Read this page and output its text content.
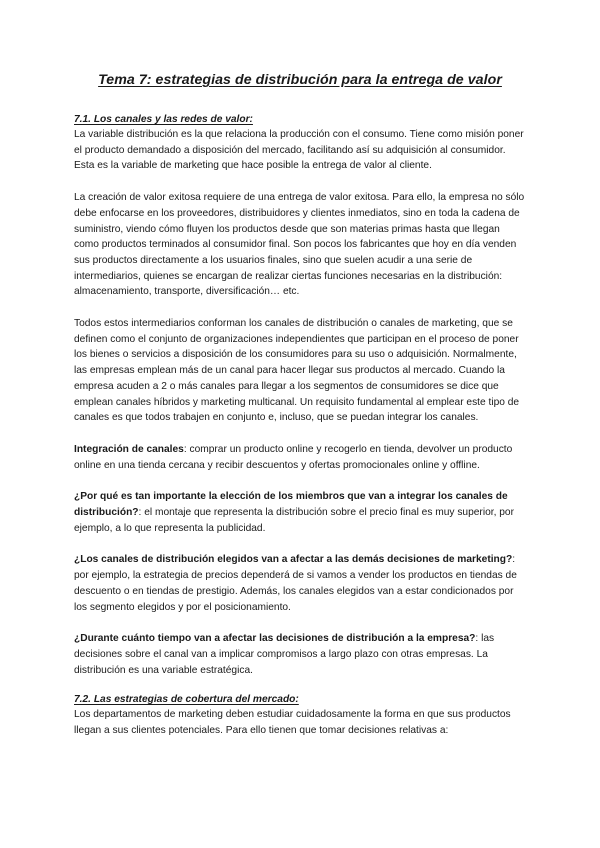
Tema 7: estrategias de distribución para la entrega de valor
7.1. Los canales y las redes de valor:

La variable distribución es la que relaciona la producción con el consumo. Tiene como misión poner el producto demandado a disposición del mercado, facilitando así su adquisición al consumidor. Esta es la variable de marketing que hace posible la entrega de valor al cliente.

La creación de valor exitosa requiere de una entrega de valor exitosa. Para ello, la empresa no sólo debe enfocarse en los proveedores, distribuidores y clientes inmediatos, sino en toda la cadena de suministro, viendo cómo fluyen los productos desde que son materias primas hasta que llegan como productos terminados al consumidor final. Son pocos los fabricantes que hoy en día venden sus productos directamente a los usuarios finales, sino que suelen acudir a una serie de intermediarios, quienes se encargan de realizar ciertas funciones necesarias en la distribución: almacenamiento, transporte, diversificación… etc.

Todos estos intermediarios conforman los canales de distribución o canales de marketing, que se definen como el conjunto de organizaciones independientes que participan en el proceso de poner los bienes o servicios a disposición de los consumidores para su uso o adquisición. Normalmente, las empresas emplean más de un canal para hacer llegar sus productos al mercado. Cuando la empresa acuden a 2 o más canales para llegar a los segmentos de consumidores se dice que emplean canales híbridos y marketing multicanal. Un requisito fundamental al emplear este tipo de canales es que todos trabajen en conjunto e, incluso, que se puedan integrar los canales.

Integración de canales: comprar un producto online y recogerlo en tienda, devolver un producto online en una tienda cercana y recibir descuentos y ofertas promocionales online y offline.

¿Por qué es tan importante la elección de los miembros que van a integrar los canales de distribución?: el montaje que representa la distribución sobre el precio final es muy superior, por ejemplo, a lo que representa la publicidad.

¿Los canales de distribución elegidos van a afectar a las demás decisiones de marketing?: por ejemplo, la estrategia de precios dependerá de si vamos a vender los productos en tiendas de descuento o en tiendas de prestigio. Además, los canales elegidos van a estar condicionados por los segmento elegidos y por el posicionamiento.

¿Durante cuánto tiempo van a afectar las decisiones de distribución a la empresa?: las decisiones sobre el canal van a implicar compromisos a largo plazo con otras empresas. La distribución es una variable estratégica.

7.2. Las estrategias de cobertura del mercado:

Los departamentos de marketing deben estudiar cuidadosamente la forma en que sus productos llegan a sus clientes potenciales. Para ello tienen que tomar decisiones relativas a:
